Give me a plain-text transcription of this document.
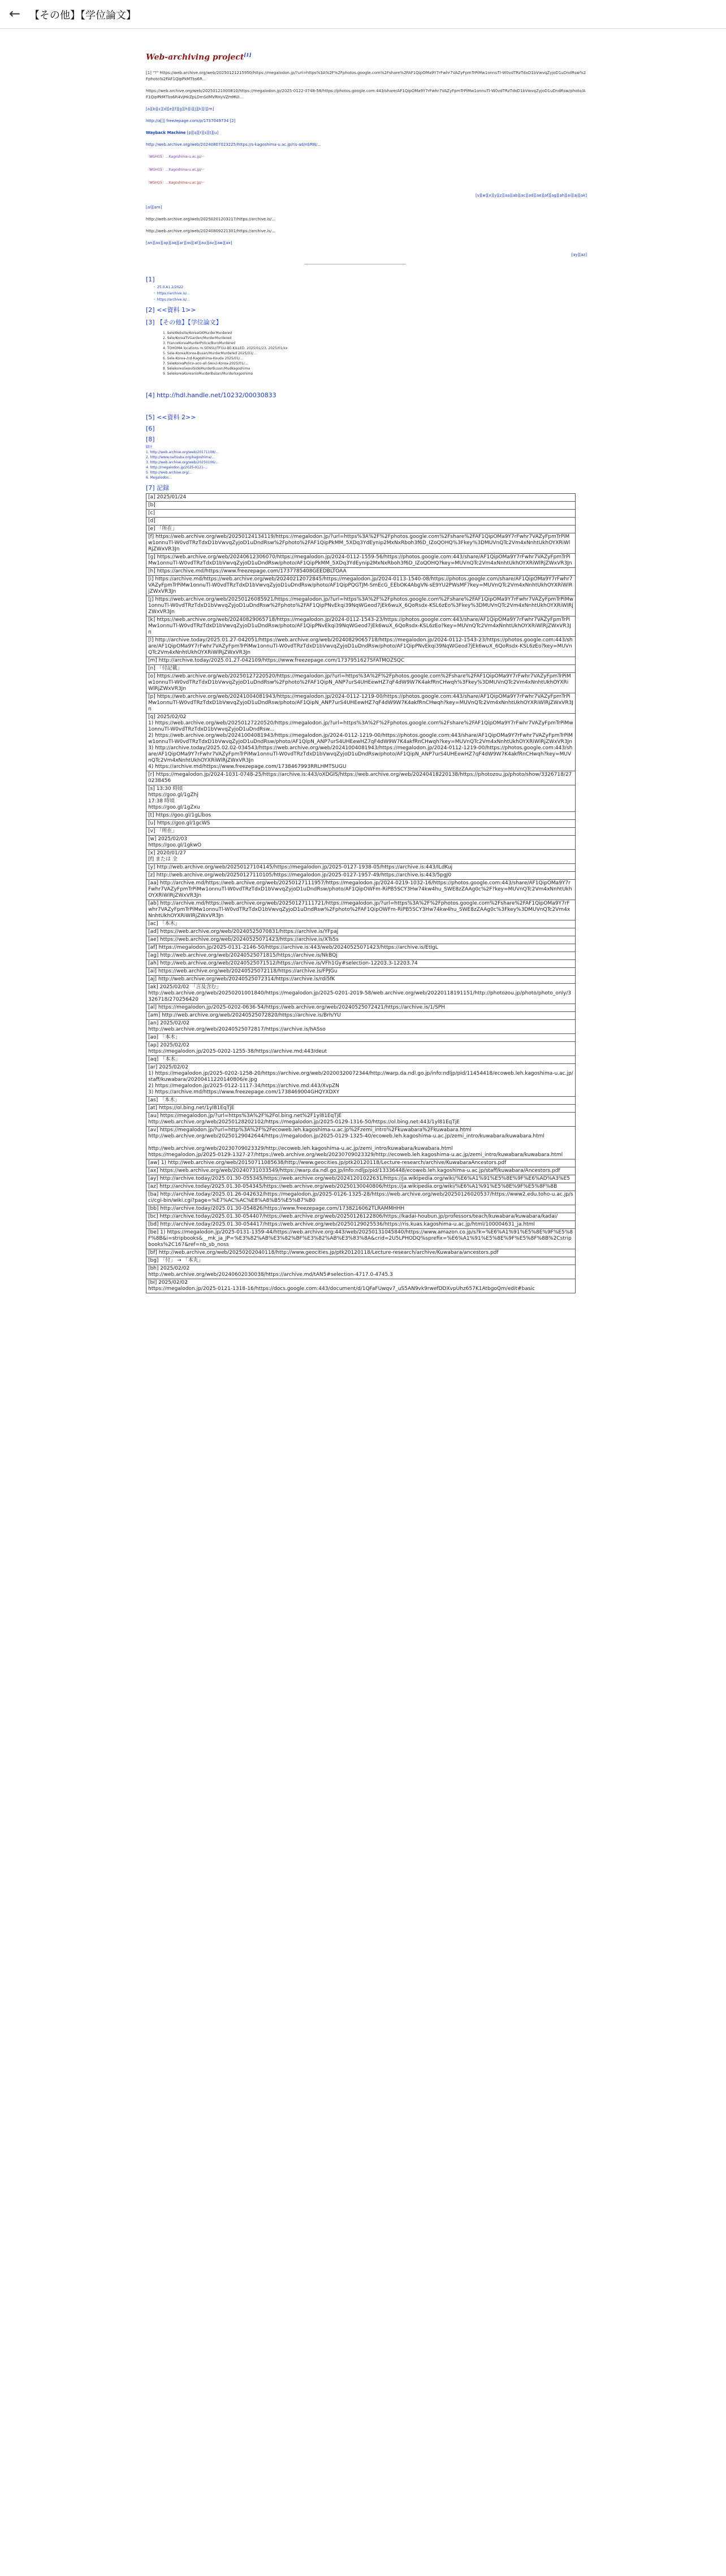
← 【その他】【学位論文】
Web-archiving project[1]
[1] "?" https://web.archive.org/web/20250121215950/https://megalodon.jp/?url=https%3A%2F%2Fphotos.google.com%2Fshare%2FAF1QipOMa9Y7rFwhr7VAZyFpmTrPiMw1onnuTl-W0vdTRzTdxD1bVwvqZyjoD1uDndRsw%2Fphoto%2FAF1QipPkMTbs6R...
https://web.archive.org/web/20250121000810/https://megalodon.jp/2025-0122-0748-58/https://photos.google.com:443/share/AF1QipOMa9Y7rFwhr7VAZyFpmTrPiMw1onnuTl-W0vdTRzTdxD1bVwvqZyjoD1uDndRsw/photo/AF1QipPkMTbs6R4VjHkZpLDmSdMVRHyVZmMUi...
[a][b][c][d][e][f][g][h][i][j][k][l][m]
http://a[]] freezepage.com/p/1737049734 [2]
Wayback Machine [p][q][r][s][t][u]
http://web.archive.org/web/20240807023225/https://s-kagoshima-u.ac.jp/ris-ad/rd/RN/...
〔WGH15〕…Kagoshima-u.ac.jp/〜
〔WGH15〕…Kagoshima-u.ac.jp/〜
〔WGH15〕…Kagoshima-u.ac.jp/〜
[v][w][x][y][z][aa][ab][ac][ad][ae][af][ag][ah][ai][aj][ak]
[al][am]
http://web.archive.org/web/20250201203217/https://archive.is/...
http://web.archive.org/web/20240809221301/https://archive.is/...
[an][ao][ap][aq][ar][as][at][au][av][aw][ax]
[ay][az]
[1]
・ 25.0.A1.2/2022
・ https://archive.is/...
・ https://archive.is/...
[2] <<資料 1>>
[3] 【その他】【学位論文】
1. SeleWebsite/KoreaGKMurderMurdered
2. Sele/KoreaTVGarden/MurderMurdered
3. FranceKoreaMurderPolice/BurnMurdered
4. TOHOMA locations m.SENSU/TFGU-BE-KILLED. 2025/01/23, 2025/01/xx
5. Sele-Korea/Korea-Busan/MurderMurdered 2025/01/...
6. Sele-Korea-/nd-Kagoshima-Kouda 2025/01/...
7. SeleKoreaPolice-ano-all-Seoul-Korea-2025/01/...
8. SelekoreaSeoulSideMurderBusan/Mudkagoshima
9. SelekoreaKoreanloMurderBusan/Murderkagoshima
[4] http://hdl.handle.net/10232/00030833
[5] <<資料 2>>
[6]
[8]
脚注
1. http://web.archive.org/web/20171108/...
2. http://www.oaitsuba.org/kagoshima/...
3. http://web.archive.org/web/20250106/...
4. http://megalodon.jp/2025-0121-...
5. http://web.archive.org/...
6. Megalodon...
[7] 記録
[a] 2025/01/24
[b]
[c]
[d]
[e] 「所在」
[f] https://web.archive.org/web/20250124134119/https://megalodon.jp/?url=https%3A%2F%2Fphotos.google.com%2Fshare%2FAF1QipOMa9Y7rFwhr7VAZyFpmTrPiMw1onnuTl-W0vdTRzTdxD1bVwvqZyjoD1uDndRsw%2Fphoto%2FAF1QipPkMM_5XDq3YdEynip2MxNxRboh3f6D_IZoQOHQ%3Fkey%3DMUVnQTc2Vm4xNnhtUkhOYXRiWlRjZWxVR3Jn
[g] https://web.archive.org/web/20240612306070/https://megalodon.jp/2024-0112-1559-56/https://photos.google.com:443/share/AF1QipOMa9Y7rFwhr7VAZyFpmTrPiMw1onnuTl-W0vdTRzTdxD1bVwvqZyjoD1uDndRsw/photo/AF1QipPkMM_5XDq3YdEynip2MxNxRboh3f6D_IZoQOHQ?key=MUVnQTc2Vm4xNnhtUkhOYXRiWlRjZWxVR3Jn
[h] https://archive.md/https://www.freezepage.com/1737785408GEEDBLTOAA
[i] https://archive.md/https://web.archive.org/web/20240212072845/https://megalodon.jp/2024-0113-1540-08/https://photos.google.com/share/AF1QipOMa9Y7rFwhr7VAZyFpmTrPiMw1onnuTl-W0vdTRzTdxD1bVwvqZyjoD1uDndRsw/photo/AF1QipPQGTJM-SmEcG_EEbOK4AbgVN-sE9YU2PWsMF7key=MUVnQTc2Vm4xNnhtUkhOYXRiWlRjZWxVR3Jn
[j] https://web.archive.org/web/20250126085921/https://megalodon.jp/?url=https%3A%2F%2Fphotos.google.com%2Fshare%2FAF1QipOMa9Y7rFwhr7VAZyFpmTrPiMw1onnuTl-W0vdTRzTdxD1bVwvqZyjoD1uDndRsw%2Fphoto%2FAF1QipPNvEkqi39NqWGeod7jEk6wuX_6QoRsdx-KSL6zEo%3Fkey%3DMUVnQTc2Vm4xNnhtUkhOYXRiWlRjZWxVR3Jn
[k] https://web.archive.org/web/20240829065718/https://megalodon.jp/2024-0112-1543-23/https://photos.google.com:443/share/AF1QipOMa9Y7rFwhr7VAZyFpmTrPiMw1onnuTl-W0vdTRzTdxD1bVwvqZyjoD1uDndRsw/photo/AF1QipPNvEkqi39NqWGeod7jEk6wuX_6QoRsdx-KSL6zEo?key=MUVnQTc2Vm4xNnhtUkhOYXRiWlRjZWxVR3Jn
[l] http://archive.today/2025.01.27-042051/https://web.archive.org/web/20240829065718/https://megalodon.jp/2024-0112-1543-23/https://photos.google.com:443/share/AF1QipOMa9Y7rFwhr7VAZyFpmTrPiMw1onnuTl-W0vdTRzTdxD1bVwvqZyjoD1uDndRsw/photo/AF1QipPNvEkqi39NqWGeod7jEk6wuX_6QoRsdx-KSL6zEo?key=MUVnQTc2Vm4xNnhtUkhOYXRiWlRjZWxVR3Jn
[m] http://archive.today/2025.01.27-042109/https://www.freezepage.com/1737951627SFATMOZSQC
[n] 「付記載」
[o] https://web.archive.org/web/20250127220520/https://megalodon.jp/?url=https%3A%2F%2Fphotos.google.com%2Fshare%2FAF1QipOMa9Y7rFwhr7VAZyFpmTrPiMw1onnuTl-W0vdTRzTdxD1bVwvqZyjoD1uDndRsw%2Fphoto%2FAF1QipN_ANP7urS4UHEewHZ7qF4dW9W7K4akfRnCHwqh%3Fkey%3DMUVnQTc2Vm4xNnhtUkhOYXRiWlRjZWxVR3Jn
[p] https://web.archive.org/web/20241004081943/https://megalodon.jp/2024-0112-1219-00/https://photos.google.com:443/share/AF1QipOMa9Y7rFwhr7VAZyFpmTrPiMw1onnuTl-W0vdTRzTdxD1bVwvqZyjoD1uDndRsw/photo/AF1QipN_ANP7urS4UHEewHZ7qF4dW9W7K4akfRnCHwqh?key=MUVnQTc2Vm4xNnhtUkhOYXRiWlRjZWxVR3Jn
[q] 2025/02/02
1) https://web.archive.org/web/20250127220520/https://megalodon.jp/?url=https%3A%2F%2Fphotos.google.com%2Fshare%2FAF1QipOMa9Y7rFwhr7VAZyFpmTrPiMw1onnuTl-W0vdTRzTdxD1bVwvqZyjoD1uDndRsw...
2) https://web.archive.org/web/20241004081943/https://megalodon.jp/2024-0112-1219-00/https://photos.google.com:443/share/AF1QipOMa9Y7rFwhr7VAZyFpmTrPiMw1onnuTl-W0vdTRzTdxD1bVwvqZyjoD1uDndRsw/photo/AF1QipN_ANP7urS4UHEewHZ7qF4dW9W7K4akfRnCHwqh?key=MUVnQTc2Vm4xNnhtUkhOYXRiWlRjZWxVR3Jn
3) http://archive.today/2025.02.02-034543/https://web.archive.org/web/20241004081943/https://megalodon.jp/2024-0112-1219-00/https://photos.google.com:443/share/AF1QipOMa9Y7rFwhr7VAZyFpmTrPiMw1onnuTl-W0vdTRzTdxD1bVwvqZyjoD1uDndRsw/photo/AF1QipN_ANP7urS4UHEewHZ7qF4dW9W7K4akfRnCHwqh?key=MUVnQTc2Vm4xNnhtUkhOYXRiWlRjZWxVR3Jn
4) https://archive.md/https://www.freezepage.com/1738467993RRLHMTSUGU
[r] https://megalodon.jp/2024-1031-0748-25/https://archive.is:443/oXDGIS/https://web.archive.org/web/20240418220138/https://photozou.jp/photo/show/3326718/270238456
[s] 13:30 時頃
https://goo.gl/1gZhj
17:38 時頃
https://goo.gl/1gZxu
[t] https://goo.gl/1gLlbos
[u] https://goo.gl/1gcWS
[v] 「所在」
[w] 2025/02/03
https://goo.gl/1gkwO
[x] 2020/01/27
[f] または 全
[y] http://web.archive.org/web/20250127104145/https://megalodon.jp/2025-0127-1938-05/https://archive.is:443/ILdKuj
[z] http://web.archive.org/web/20250127110105/https://megalodon.jp/2025-0127-1957-49/https://archive.is:443/5pgJ0
[aa] http://archive.md/https://web.archive.org/web/20250127111957/https://megalodon.jp/2024-0219-1032-16/https://photos.google.com:443/share/AF1QipOMa9Y7rFwhr7VAZyFpmTrPiMw1onnuTl-W0vdTRzTdxD1bVwvqZyjoD1uDndRsw/photo/AF1QipOWFm-RiPB5SCY3Hw74kw4hu_SWE8zZAAg0c%2F?key=MUVnQTc2Vm4xNnhtUkhOYXRiWlRjZWxVR3Jn
[ab] http://archive.md/https://web.archive.org/web/20250127111721/https://megalodon.jp/?url=https%3A%2F%2Fphotos.google.com%2Fshare%2FAF1QipOMa9Y7rFwhr7VAZyFpmTrPiMw1onnuTl-W0vdTRzTdxD1bVwvqZyjoD1uDndRsw%2Fphoto%2FAF1QipOWFm-RiPB5SCY3Hw74kw4hu_SWE8zZAAg0c%3Fkey%3DMUVnQTc2Vm4xNnhtUkhOYXRiWlRjZWxVR3Jn
[ac] 「本木」
[ad] https://web.archive.org/web/20240525070831/https://archive.is/YFpaj
[ae] https://web.archive.org/web/20240525071423/https://archive.is/XTs5s
[af] https://megalodon.jp/2025-0131-2146-50/https://archive.is:443/web/20240525071423/https://archive.is/EtIgL
[ag] http://web.archive.org/web/20240525071815/https://archive.is/NkBQj
[ah] http://web.archive.org/web/20240525071512/https://archive.is/VFh1Gy#selection-12203.3-12203.74
[ai] https://web.archive.org/web/20240525072118/https://archive.is/FPJGu
[aj] http://web.archive.org/web/20240525072314/https://archive.is/rdi5fK
[ak] 2025/02/02 「言及含む」
http://web.archive.org/web/20250201001840/https://megalodon.jp/2025-0201-2019-58/web.archive.org/web/20220118191151/http://photozou.jp/photo/photo_only/3326718/270256420
[al] https://megalodon.jp/2025-0202-0636-54/https://web.archive.org/web/20240525072421/https://archive.is/1/SPH
[am] http://web.archive.org/web/20240525072820/https://archive.is/Brh/YU
[an] 2025/02/02
http://web.archive.org/web/20240525072817/https://archive.is/hASso
[ao] 「本木」
[ap] 2025/02/02
https://megalodon.jp/2025-0202-1255-38/https://archive.md:443/deut
[aq] 「本木」
[ar] 2025/02/02
1) https://megalodon.jp/2025-0202-1258-20/https://archive.org/web/20200320072344/http://warp.da.ndl.go.jp/info:ndljp/pid/11454418/ecoweb.leh.kagoshima-u.ac.jp/staff/kuwabara/20200411220140806/e.jpg
2) https://megalodon.jp/2025-0122-1117-34/https://archive.md:443/XvpZN
3) https://archive.md/https://www.freezepage.com/1738469004GHQYXDXY
[as] 「本木」
[at] https://ol.bing.net/1yl81EqTjE
[au] https://megalodon.jp/?url=https%3A%2F%2Fol.bing.net%2F1yl81EqTjE
http://web.archive.org/web/20250128202102/https://megalodon.jp/2025-0129-1316-50/https://ol.bing.net:443/1yl81EqTjE
[av] https://megalodon.jp/?url=http%3A%2F%2Fecoweb.leh.kagoshima-u.ac.jp%2Fzemi_intro%2Fkuwabara%2Fkuwabara.html
http://web.archive.org/web/20250129042644/https://megalodon.jp/2025-0129-1325-40/ecoweb.leh.kagoshima-u.ac.jp/zemi_intro/kuwabara/kuwabara.html

http://web.archive.org/web/20230709023329/http://ecoweb.leh.kagoshima-u.ac.jp/zemi_intro/kuwabara/kuwabara.html
https://megalodon.jp/2025-0129-1327-27/https://web.archive.org/web/20230709023329/http://ecoweb.leh.kagoshima-u.ac.jp/zemi_intro/kuwabara/kuwabara.html
[aw] 1) http://web.archive.org/web/20150711085638/http://www.geocities.jp/ptk20120118/Lecture-research/archive/KuwabaraAncestors.pdf
[ax] https://web.archive.org/web/20240731033549/https://warp.da.ndl.go.jp/info:ndljp/pid/13336448/ecoweb.leh.kagoshima-u.ac.jp/staff/kuwabara/Ancestors.pdf
[ay] http://archive.today/2025.01.30-055345/https://web.archive.org/web/20241201022631/https://ja.wikipedia.org/wiki/%E6%A1%91%E5%8E%9F%E6%AD%A3%E5
[az] http://archive.today/2025.01.30-054345/https://web.archive.org/web/20250130040806/https://ja.wikipedia.org/wiki/%E6%A1%91%E5%8E%9F%E5%8F%8B
[ba] http://archive.today/2025.01.26-042632/https://megalodon.jp/2025-0126-1325-28/https://web.archive.org/web/20250126020537/https://www2.edu.toho-u.ac.jp/sci/cgi-bin/wiki.cgi?page=%E7%AC%AC%E8%A8%B5%E5%B7%B0
[bb] http://archive.today/2025.01.30-054826/https://www.freezepage.com/1738216062TLRAMMHHH
[bc] http://archive.today/2025.01.30-054407/https://web.archive.org/web/20250126122806/https://kadai-houbun.jp/professors/teach/kuwabara/kuwabara/kadai/
[bd] http://archive.today/2025.01.30-054417/https://web.archive.org/web/20250129025536/https://ris.kuas.kagoshima-u.ac.jp/html/100004631_ja.html
[be] 1) https://megalodon.jp/2025-0131-1359-44/https://web.archive.org:443/web/20250131045840/https://www.amazon.co.jp/s?k=%E6%A1%91%E5%8E%9F%E5%8F%8B&i=stripbooks&__mk_ja_JP=%E3%82%AB%E3%82%BF%E3%82%AB%E3%83%8A&crid=2U5LPHODQ%sprefix=%E6%A1%91%E5%8E%9F%E5%8F%8B%2Cstripbooks%2C167&ref=nb_sb_noss
[bf] http://web.archive.org/web/20250202040118/http://www.geocities.jp/ptk20120118/Lecture-research/archive/Kuwabara/ancestors.pdf
[bg] 「付」 → 「本丸」
[bh] 2025/02/02
http://web.archive.org/web/20240602030038/https://archive.md/tAN5#selection-4717.0-4745.3
[bi] 2025/02/02
https://megalodon.jp/2025-0121-1318-16/https://docs.google.com:443/document/d/1QFaFUwqv7_uS5AN9vk9rwefDDXvpUhz657K1AtbgoQm/edit#basic
